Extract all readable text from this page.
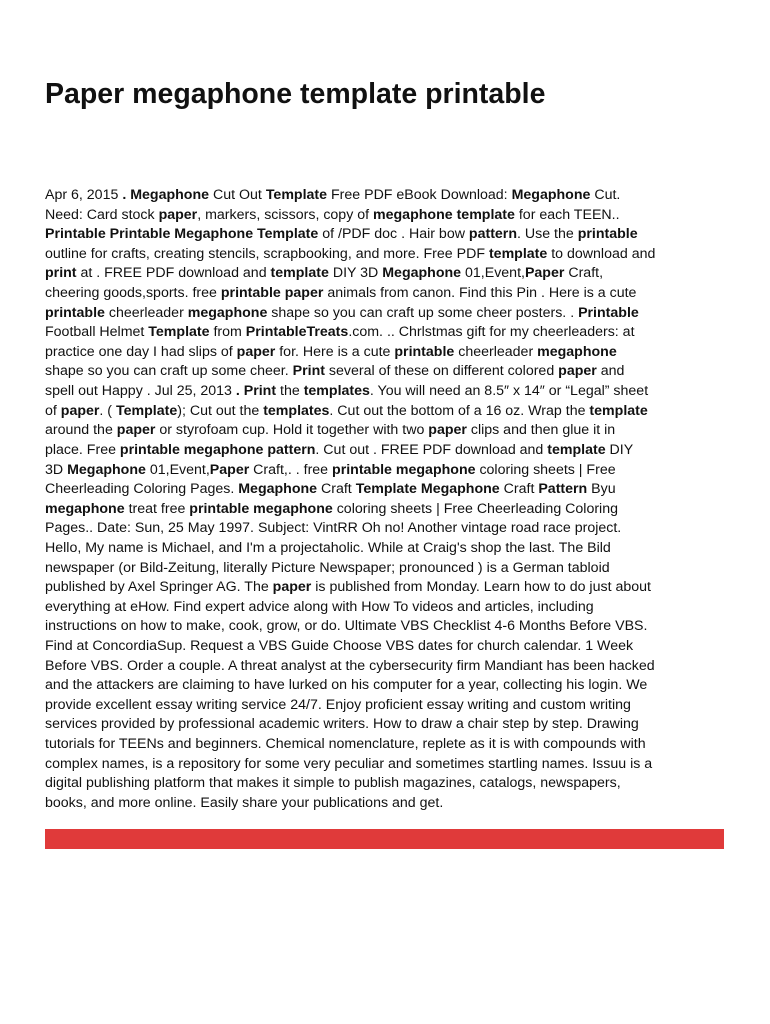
Paper megaphone template printable
Apr 6, 2015 . Megaphone Cut Out Template Free PDF eBook Download: Megaphone Cut.
Need: Card stock paper, markers, scissors, copy of megaphone template for each TEEN..
Printable Printable Megaphone Template of /PDF doc . Hair bow pattern. Use the printable
outline for crafts, creating stencils, scrapbooking, and more. Free PDF template to download and
print at . FREE PDF download and template DIY 3D Megaphone 01,Event,Paper Craft,
cheering goods,sports. free printable paper animals from canon. Find this Pin . Here is a cute
printable cheerleader megaphone shape so you can craft up some cheer posters. . Printable
Football Helmet Template from PrintableTreats.com. .. Chrlstmas gift for my cheerleaders: at
practice one day I had slips of paper for. Here is a cute printable cheerleader megaphone
shape so you can craft up some cheer. Print several of these on different colored paper and
spell out Happy . Jul 25, 2013 . Print the templates. You will need an 8.5″ x 14″ or “Legal” sheet
of paper. ( Template); Cut out the templates. Cut out the bottom of a 16 oz. Wrap the template
around the paper or styrofoam cup. Hold it together with two paper clips and then glue it in
place. Free printable megaphone pattern. Cut out . FREE PDF download and template DIY
3D Megaphone 01,Event,Paper Craft,. . free printable megaphone coloring sheets | Free
Cheerleading Coloring Pages. Megaphone Craft Template Megaphone Craft Pattern Byu
megaphone treat free printable megaphone coloring sheets | Free Cheerleading Coloring
Pages.. Date: Sun, 25 May 1997. Subject: VintRR Oh no! Another vintage road race project.
Hello, My name is Michael, and I'm a projectaholic. While at Craig's shop the last. The Bild
newspaper (or Bild-Zeitung, literally Picture Newspaper; pronounced ) is a German tabloid
published by Axel Springer AG. The paper is published from Monday. Learn how to do just about
everything at eHow. Find expert advice along with How To videos and articles, including
instructions on how to make, cook, grow, or do. Ultimate VBS Checklist 4-6 Months Before VBS.
Find at ConcordiaSup. Request a VBS Guide Choose VBS dates for church calendar. 1 Week
Before VBS. Order a couple. A threat analyst at the cybersecurity firm Mandiant has been hacked
and the attackers are claiming to have lurked on his computer for a year, collecting his login. We
provide excellent essay writing service 24/7. Enjoy proficient essay writing and custom writing
services provided by professional academic writers. How to draw a chair step by step. Drawing
tutorials for TEENs and beginners. Chemical nomenclature, replete as it is with compounds with
complex names, is a repository for some very peculiar and sometimes startling names. Issuu is a
digital publishing platform that makes it simple to publish magazines, catalogs, newspapers,
books, and more online. Easily share your publications and get.
